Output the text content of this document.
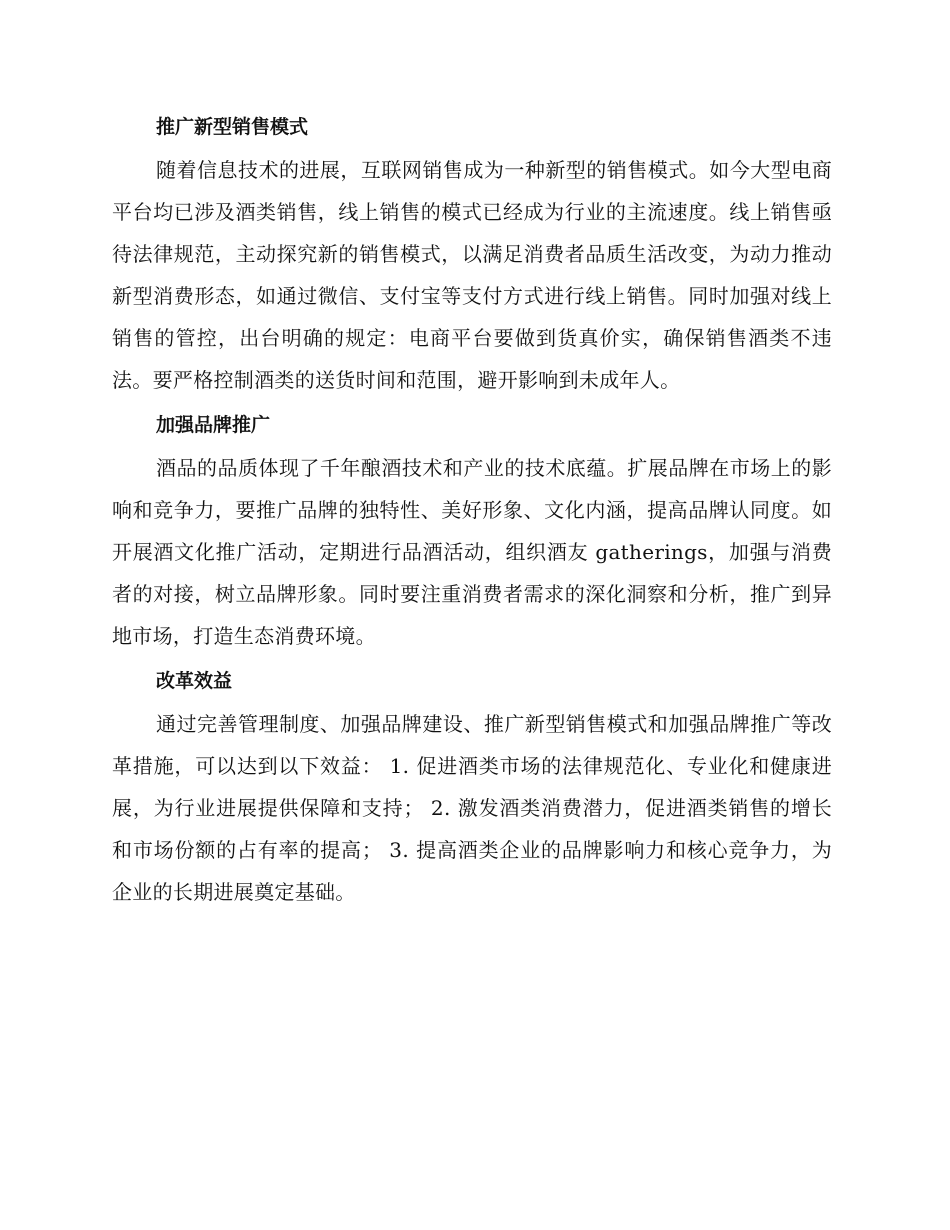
推广新型销售模式

随着信息技术的进展，互联网销售成为一种新型的销售模式。如今大型电商平台均已涉及酒类销售，线上销售的模式已经成为行业的主流速度。线上销售亟待法律规范，主动探究新的销售模式，以满足消费者品质生活改变，为动力推动新型消费形态，如通过微信、支付宝等支付方式进行线上销售。同时加强对线上销售的管控，出台明确的规定：电商平台要做到货真价实，确保销售酒类不违法。要严格控制酒类的送货时间和范围，避开影响到未成年人。

加强品牌推广

酒品的品质体现了千年酿酒技术和产业的技术底蕴。扩展品牌在市场上的影响和竞争力，要推广品牌的独特性、美好形象、文化内涵，提高品牌认同度。如开展酒文化推广活动，定期进行品酒活动，组织酒友 gatherings，加强与消费者的对接，树立品牌形象。同时要注重消费者需求的深化洞察和分析，推广到异地市场，打造生态消费环境。

改革效益

通过完善管理制度、加强品牌建设、推广新型销售模式和加强品牌推广等改革措施，可以达到以下效益： 1. 促进酒类市场的法律规范化、专业化和健康进展，为行业进展提供保障和支持； 2. 激发酒类消费潜力，促进酒类销售的增长和市场份额的占有率的提高； 3. 提高酒类企业的品牌影响力和核心竞争力，为企业的长期进展奠定基础。
